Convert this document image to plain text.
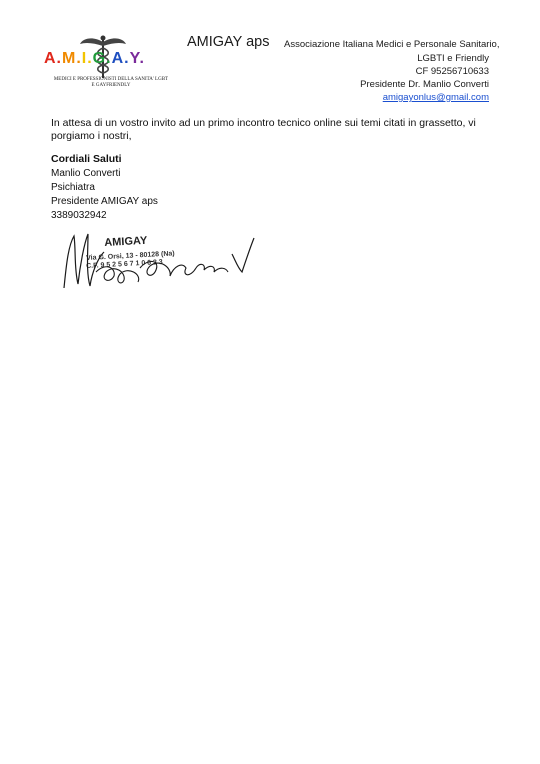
A.M.I.G.A.Y.
MEDICI E PROFESSIONISTI DELLA SANITA' LGBT E GAYFRIENDLY
AMIGAY aps Associazione Italiana Medici e Personale Sanitario,
LGBTI e Friendly
CF 95256710633
Presidente Dr. Manlio Converti
amigayonlus@gmail.com
In attesa di un vostro invito ad un primo incontro tecnico online sui temi citati in grassetto, vi porgiamo i nostri,
Cordiali Saluti
Manlio Converti
Psichiatra
Presidente AMIGAY aps
3389032942
AMIGAY
Via G. Orsi, 13 - 80128 (Na)
C.F. 9 5 2 5 6 7 1 0 6 3 3
